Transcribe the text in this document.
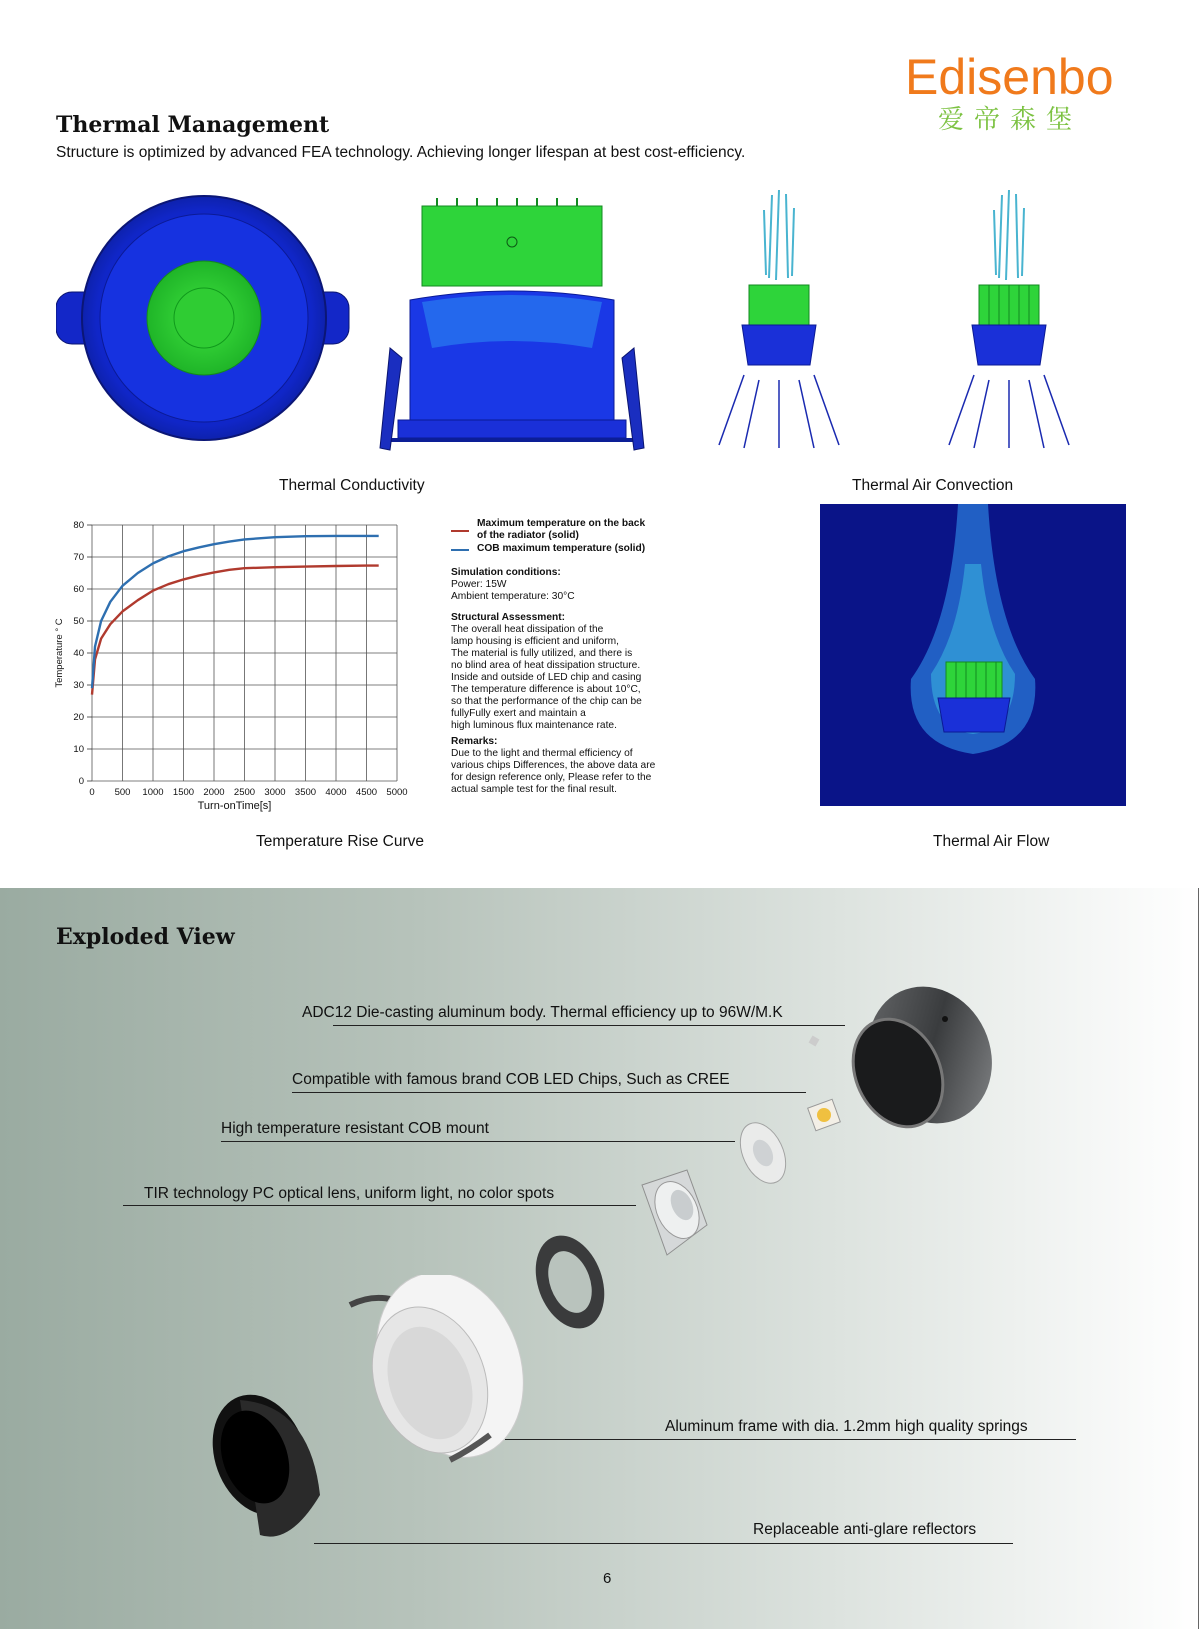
Edisenbo
爱帝森堡
Thermal Management
Structure is optimized by advanced FEA technology. Achieving longer lifespan at best cost-efficiency.
Thermal Conductivity	Thermal Air Convection
0 500 1000 1500 2000 2500 3000 3500 4000 4500 5000
0
10
20
30
40
50
60
70
80
Turn-onTime[s]
Temperature ° C
Maximum temperature on the back of the radiator (solid)
COB maximum temperature (solid)
Simulation conditions:
Power: 15W
Ambient temperature: 30°C
Structural Assessment:
The overall heat dissipation of the
lamp housing is efficient and uniform,
The material is fully utilized, and there is
no blind area of heat dissipation structure.
Inside and outside of LED chip and casing
The temperature difference is about 10°C,
so that the performance of the chip can be
fullyFully exert and maintain a
high luminous flux maintenance rate.
Remarks:
Due to the light and thermal efficiency of
various chips Differences, the above data are
for design reference only, Please refer to the
actual sample test for the final result.
Temperature Rise Curve	Thermal Air Flow
Exploded View
ADC12 Die-casting aluminum body. Thermal efficiency up to 96W/M.K
Compatible with famous brand COB LED Chips, Such as CREE
High temperature resistant COB mount
TIR technology PC optical lens, uniform light, no color spots
Aluminum frame with dia. 1.2mm high quality springs
Replaceable anti-glare reflectors
6
